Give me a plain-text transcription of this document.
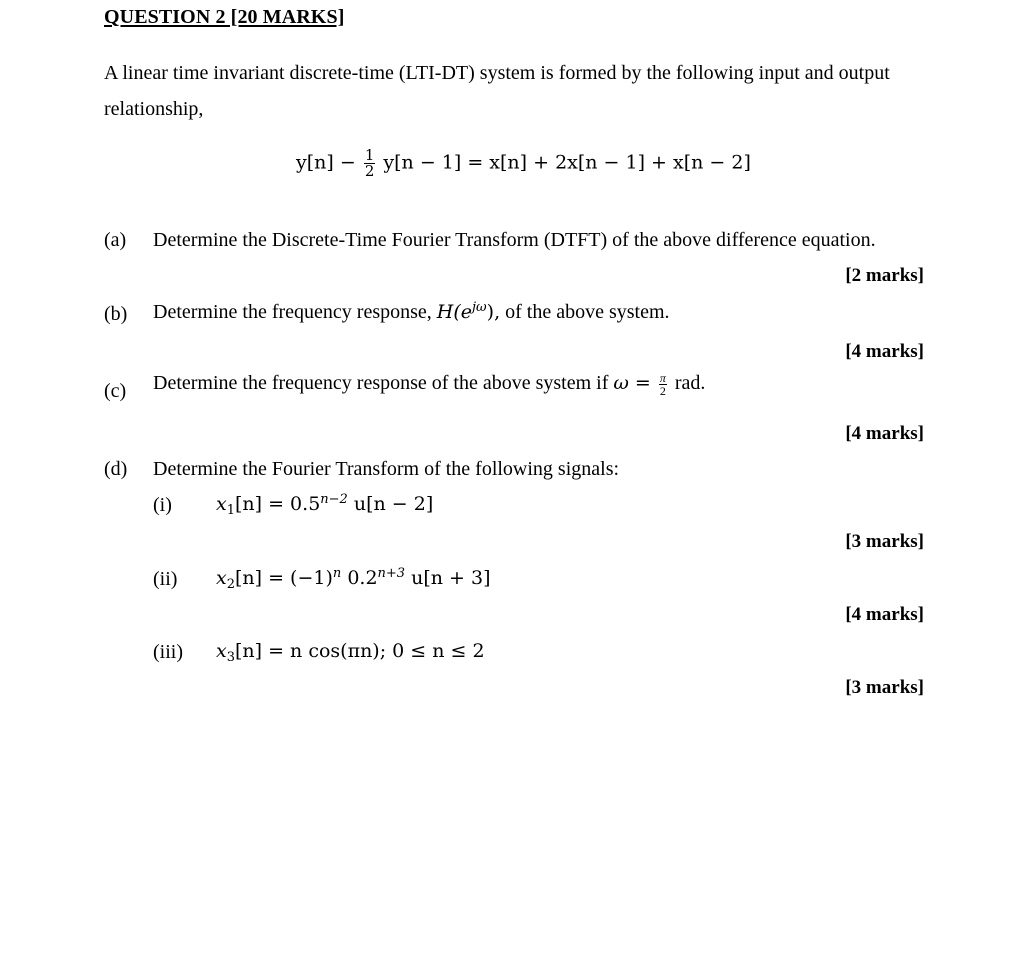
QUESTION 2 [20 MARKS]
A linear time invariant discrete-time (LTI-DT) system is formed by the following input and output relationship,
$y[n] - \frac{1}{2} y[n - 1] = x[n] + 2x[n - 1] + x[n - 2]$
(a) Determine the Discrete-Time Fourier Transform (DTFT) of the above difference equation.
[2 marks]
(b) Determine the frequency response, $H(e^{j\omega})$, of the above system.
[4 marks]
(c) Determine the frequency response of the above system if $\omega = \frac{\pi}{2}$ rad.
[4 marks]
(d) Determine the Fourier Transform of the following signals:
(i) $x_1[n] = 0.5^{n-2}$ u[n − 2]
[3 marks]
(ii) $x_2[n] = (-1)^n$ $0.2^{n+3}$ u[n + 3]
[4 marks]
(iii) $x_3[n] = n$ cos(πn); 0 ≤ n ≤ 2
[3 marks]
